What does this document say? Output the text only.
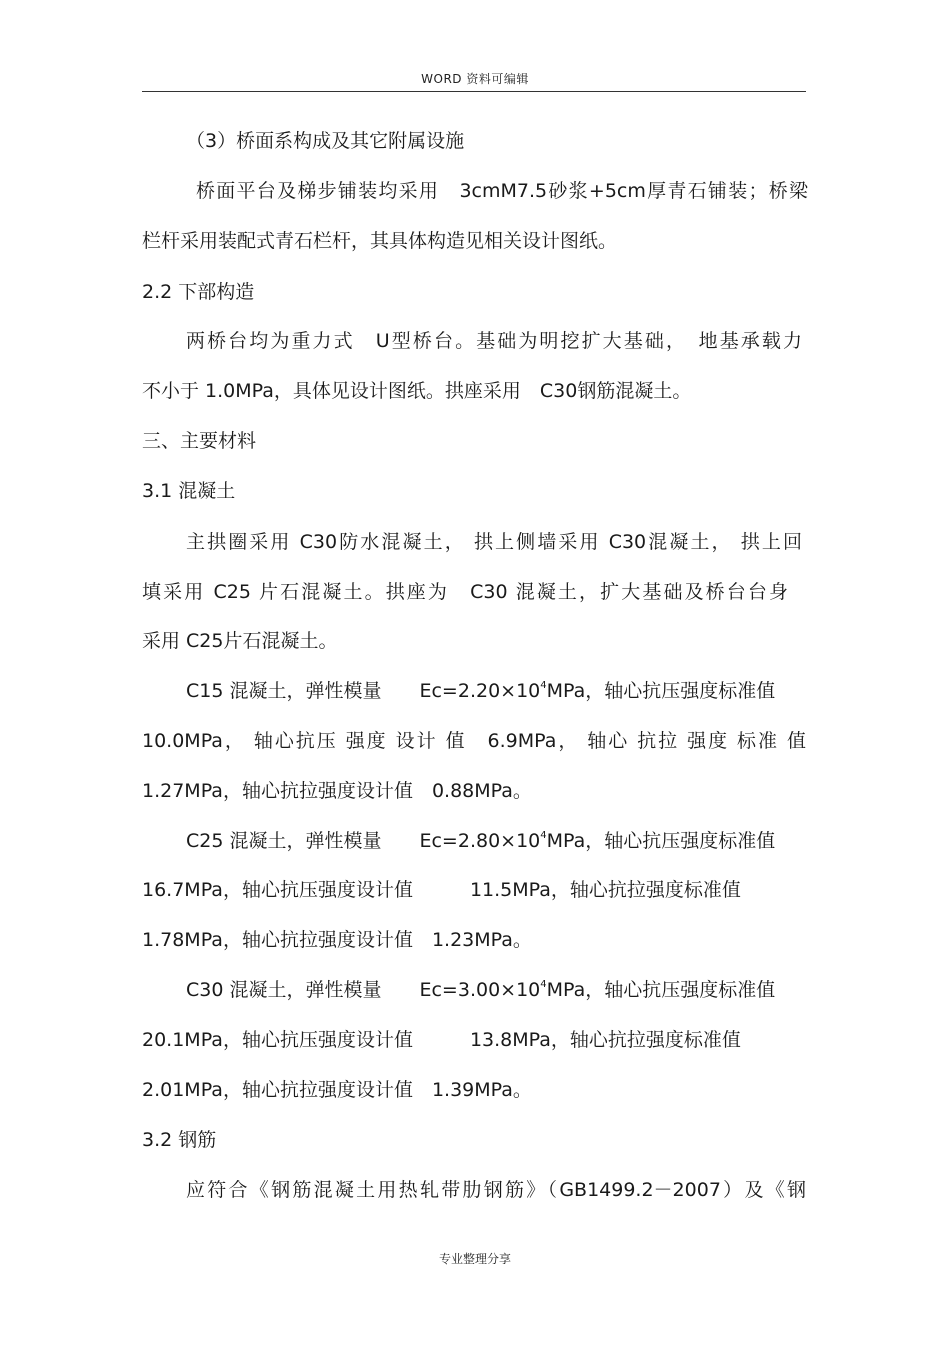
WORD 资料可编辑
（3）桥面系构成及其它附属设施
桥面平台及梯步铺装均采用　3cmM7.5砂浆+5cm厚青石铺装；桥梁
栏杆采用装配式青石栏杆，其具体构造见相关设计图纸。
2.2 下部构造
两桥台均为重力式　U型桥台。基础为明挖扩大基础，　地基承载力
不小于 1.0MPa，具体见设计图纸。拱座采用　C30钢筋混凝土。
三、主要材料
3.1 混凝土
主拱圈采用 C30防水混凝土， 拱上侧墙采用 C30混凝土， 拱上回
填采用 C25 片石混凝土。拱座为　C30 混凝土，扩大基础及桥台台身
采用 C25片石混凝土。
C15 混凝土，弹性模量　　$Ec=2.20\times 10^4MPa$，轴心抗压强度标准值
10.0MPa， 轴心抗压 强度 设计 值　6.9MPa， 轴心 抗拉 强度 标准 值
1.27MPa，轴心抗拉强度设计值　0.88MPa。
C25 混凝土，弹性模量　　$Ec=2.80\times 10^4MPa$，轴心抗压强度标准值
16.7MPa，轴心抗压强度设计值　　　11.5MPa，轴心抗拉强度标准值
1.78MPa，轴心抗拉强度设计值　1.23MPa。
C30 混凝土，弹性模量　　$Ec=3.00\times 10^4MPa$，轴心抗压强度标准值
20.1MPa，轴心抗压强度设计值　　　13.8MPa，轴心抗拉强度标准值
2.01MPa，轴心抗拉强度设计值　1.39MPa。
3.2 钢筋
应符合《钢筋混凝土用热轧带肋钢筋》（GB1499.2－2007）及《钢
专业整理分享
